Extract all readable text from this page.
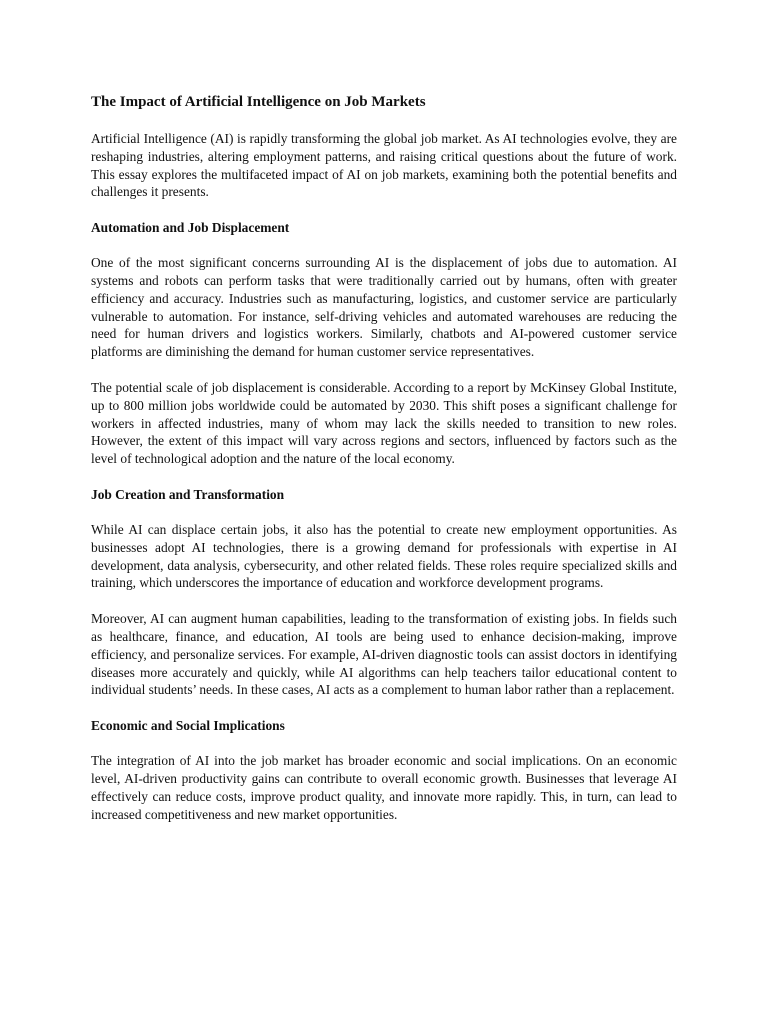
The Impact of Artificial Intelligence on Job Markets

Artificial Intelligence (AI) is rapidly transforming the global job market. As AI technologies evolve, they are reshaping industries, altering employment patterns, and raising critical questions about the future of work. This essay explores the multifaceted impact of AI on job markets, examining both the potential benefits and challenges it presents.

Automation and Job Displacement

One of the most significant concerns surrounding AI is the displacement of jobs due to automation. AI systems and robots can perform tasks that were traditionally carried out by humans, often with greater efficiency and accuracy. Industries such as manufacturing, logistics, and customer service are particularly vulnerable to automation. For instance, self-driving vehicles and automated warehouses are reducing the need for human drivers and logistics workers. Similarly, chatbots and AI-powered customer service platforms are diminishing the demand for human customer service representatives.

The potential scale of job displacement is considerable. According to a report by McKinsey Global Institute, up to 800 million jobs worldwide could be automated by 2030. This shift poses a significant challenge for workers in affected industries, many of whom may lack the skills needed to transition to new roles. However, the extent of this impact will vary across regions and sectors, influenced by factors such as the level of technological adoption and the nature of the local economy.

Job Creation and Transformation

While AI can displace certain jobs, it also has the potential to create new employment opportunities. As businesses adopt AI technologies, there is a growing demand for professionals with expertise in AI development, data analysis, cybersecurity, and other related fields. These roles require specialized skills and training, which underscores the importance of education and workforce development programs.

Moreover, AI can augment human capabilities, leading to the transformation of existing jobs. In fields such as healthcare, finance, and education, AI tools are being used to enhance decision-making, improve efficiency, and personalize services. For example, AI-driven diagnostic tools can assist doctors in identifying diseases more accurately and quickly, while AI algorithms can help teachers tailor educational content to individual students’ needs. In these cases, AI acts as a complement to human labor rather than a replacement.

Economic and Social Implications

The integration of AI into the job market has broader economic and social implications. On an economic level, AI-driven productivity gains can contribute to overall economic growth. Businesses that leverage AI effectively can reduce costs, improve product quality, and innovate more rapidly. This, in turn, can lead to increased competitiveness and new market opportunities.
